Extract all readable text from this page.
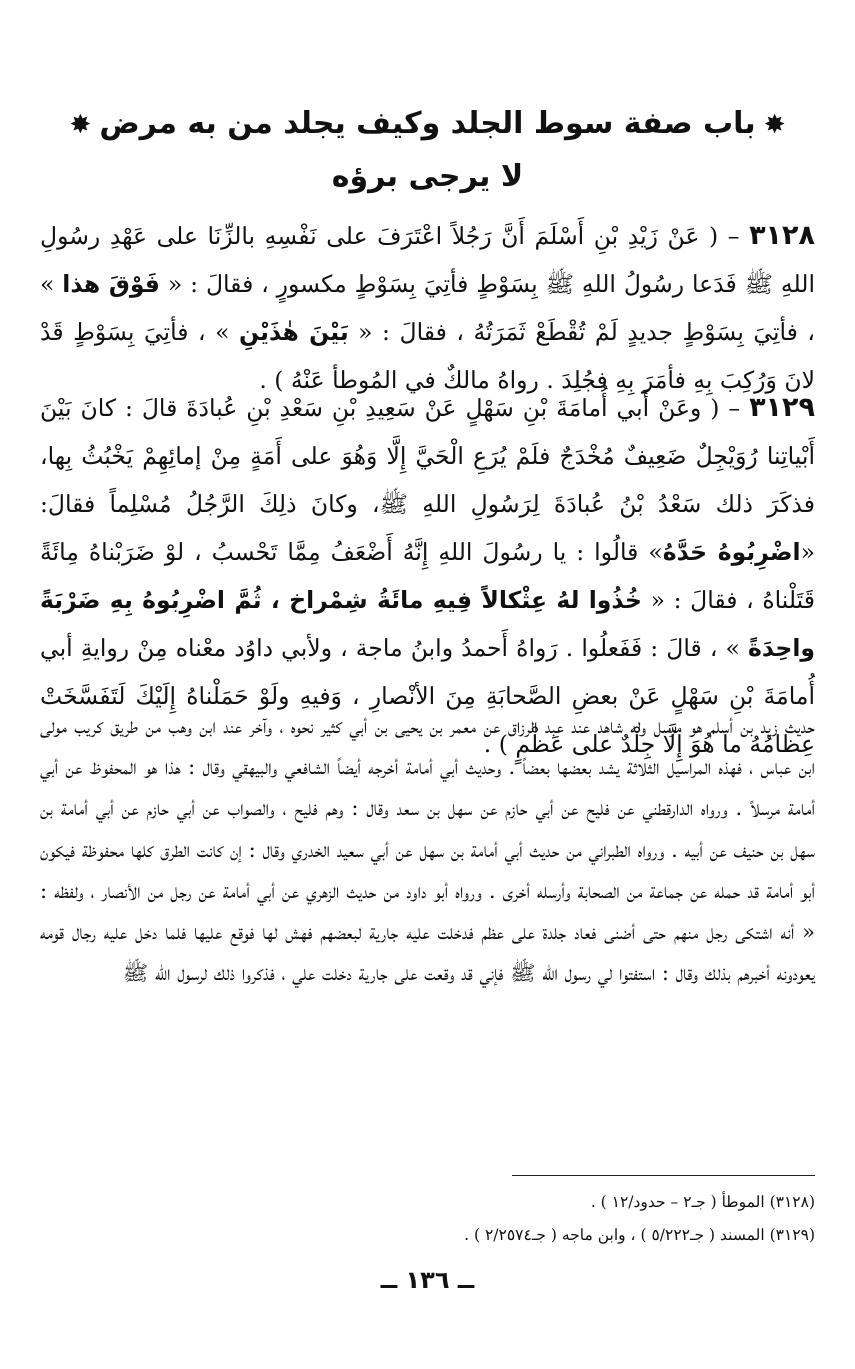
✸باب صفة سوط الجلد وكيف يجلد من به مرض✸
لا يرجى برؤه
٣١٢٨ – ( عَنْ زَيْدِ بْنِ أَسْلَمَ أَنَّ رَجُلاً اعْتَرَفَ على نَفْسِهِ بالزِّنَا على عَهْدِ رسُولِ اللهِ ﷺ فَدَعا رسُولُ اللهِ ﷺ بِسَوْطٍ فأتِيَ بِسَوْطٍ مكسورٍ ، فقالَ : « فَوْقَ هذا » ، فأتِيَ بِسَوْطٍ جديدٍ لَمْ تُقْطَعْ ثَمَرَتُهُ ، فقالَ : « بَيْنَ هٰذَيْنِ » ، فأتِيَ بِسَوْطٍ قَدْ لانَ وَرُكِبَ بِهِ فأمَرَ بِهِ فجُلِدَ . رواهُ مالكٌ في المُوطأ عَنْهُ ) .
٣١٢٩ – ( وعَنْ أَبي أُمامَةَ بْنِ سَهْلٍ عَنْ سَعِيدِ بْنِ سَعْدِ بْنِ عُبادَةَ قالَ : كانَ بَيْنَ أَبْياتِنا رُوَيْجِلٌ ضَعِيفٌ مُخْدَجٌ فلَمْ يُرَعِ الْحَيَّ إِلَّا وَهُوَ على أَمَةٍ مِنْ إمائِهِمْ يَخْبُثُ بِها، فذكَرَ ذلك سَعْدُ بْنُ عُبادَةَ لِرَسُولِ اللهِ ﷺ، وكانَ ذلِكَ الرَّجُلُ مُسْلِماً فقالَ: «اضْرِبُوهُ حَدَّهُ» قالُوا : يا رسُولَ اللهِ إِنَّهُ أَضْعَفُ مِمَّا تَحْسبُ ، لوْ ضَرَبْناهُ مِائَةً قَتَلْناهُ ، فقالَ : « خُذُوا لهُ عِثْكالاً فِيهِ مائَةُ شِمْراخ ، ثُمَّ اضْرِبُوهُ بِهِ ضَرْبَةً واحِدَةً » ، قالَ : فَفَعلُوا . رَواهُ أَحمدُ وابنُ ماجة ، ولأبي داوُد معْناه مِنْ روايةِ أبي أُمامَةَ بْنِ سَهْلٍ عَنْ بعضِ الصَّحابَةِ مِنَ الأنْصارِ ، وَفيهِ ولَوْ حَمَلْناهُ إِلَيْكَ لَتَفَسَّخَتْ عِظامُهُ ما هُوَ إِلَّا جِلْدٌ على عَظْمٍ ) .
حديث زيد بن أسلم هو مرسل وله شاهد عند عبد الرزاق عن معمر بن يحيى بن أبي كثير نحوه ، وآخر عند ابن وهب من طريق كريب مولى ابن عباس ، فهذه المراسيل الثلاثة يشد بعضها بعضاً . وحديث أبي أمامة أخرجه أيضاً الشافعي والبيهقي وقال : هذا هو المحفوظ عن أبي أمامة مرسلاً . ورواه الدارقطني عن فليح عن أبي حازم عن سهل بن سعد وقال : وهم فليح ، والصواب عن أبي حازم عن أبي أمامة بن سهل بن حنيف عن أبيه . ورواه الطبراني من حديث أبي أمامة بن سهل عن أبي سعيد الخدري وقال : إن كانت الطرق كلها محفوظة فيكون أبو أمامة قد حمله عن جماعة من الصحابة وأرسله أخرى . ورواه أبو داود من حديث الزهري عن أبي أمامة عن رجل من الأنصار ، ولفظه : « أنه اشتكى رجل منهم حتى أضنى فعاد جلدة على عظم فدخلت عليه جارية لبعضهم فهش لها فوقع عليها فلما دخل عليه رجال قومه يعودونه أخبرهم بذلك وقال : استفتوا لي رسول الله ﷺ فإني قد وقعت على جارية دخلت علي ، فذكروا ذلك لرسول الله ﷺ
(٣١٢٨) الموطأ ( جـ٢ – حدود/١٢ ) .
(٣١٢٩) المسند ( جـ٥/٢٢٢ ) ، وابن ماجه ( جـ٢/٢٥٧٤ ) .
ــ ١٣٦ ــ
